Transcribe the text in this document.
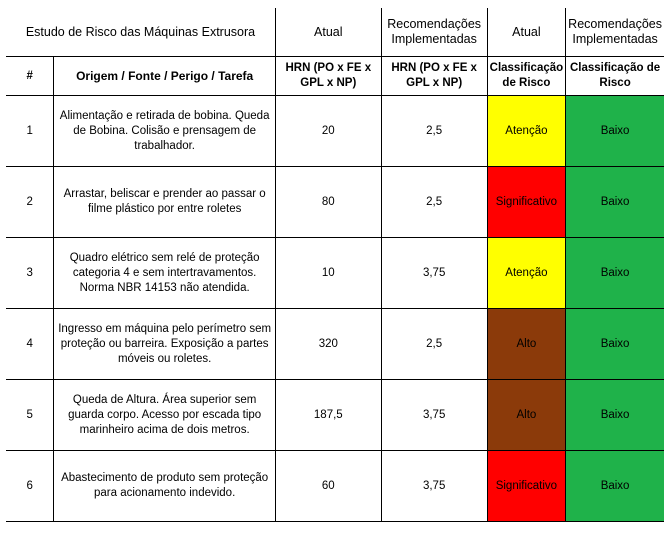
Estudo de Risco das Máquinas Extrusora		Atual	Recomendações Implementadas	Atual	Recomendações Implementadas
#	Origem / Fonte / Perigo / Tarefa	HRN (PO x FE x GPL x NP)	HRN (PO x FE x GPL x NP)	Classificação de Risco	Classificação de Risco
1	Alimentação e retirada de bobina. Queda de Bobina. Colisão e prensagem de trabalhador.	20	2,5	Atenção	Baixo
2	Arrastar, beliscar e prender ao passar o filme plástico por entre roletes	80	2,5	Significativo	Baixo
3	Quadro elétrico sem relé de proteção categoria 4 e sem intertravamentos. Norma NBR 14153 não atendida.	10	3,75	Atenção	Baixo
4	Ingresso em máquina pelo perímetro sem proteção ou barreira. Exposição a partes móveis ou roletes.	320	2,5	Alto	Baixo
5	Queda de Altura. Área superior sem guarda corpo. Acesso por escada tipo marinheiro acima de dois metros.	187,5	3,75	Alto	Baixo
6	Abastecimento de produto sem proteção para acionamento indevido.	60	3,75	Significativo	Baixo
